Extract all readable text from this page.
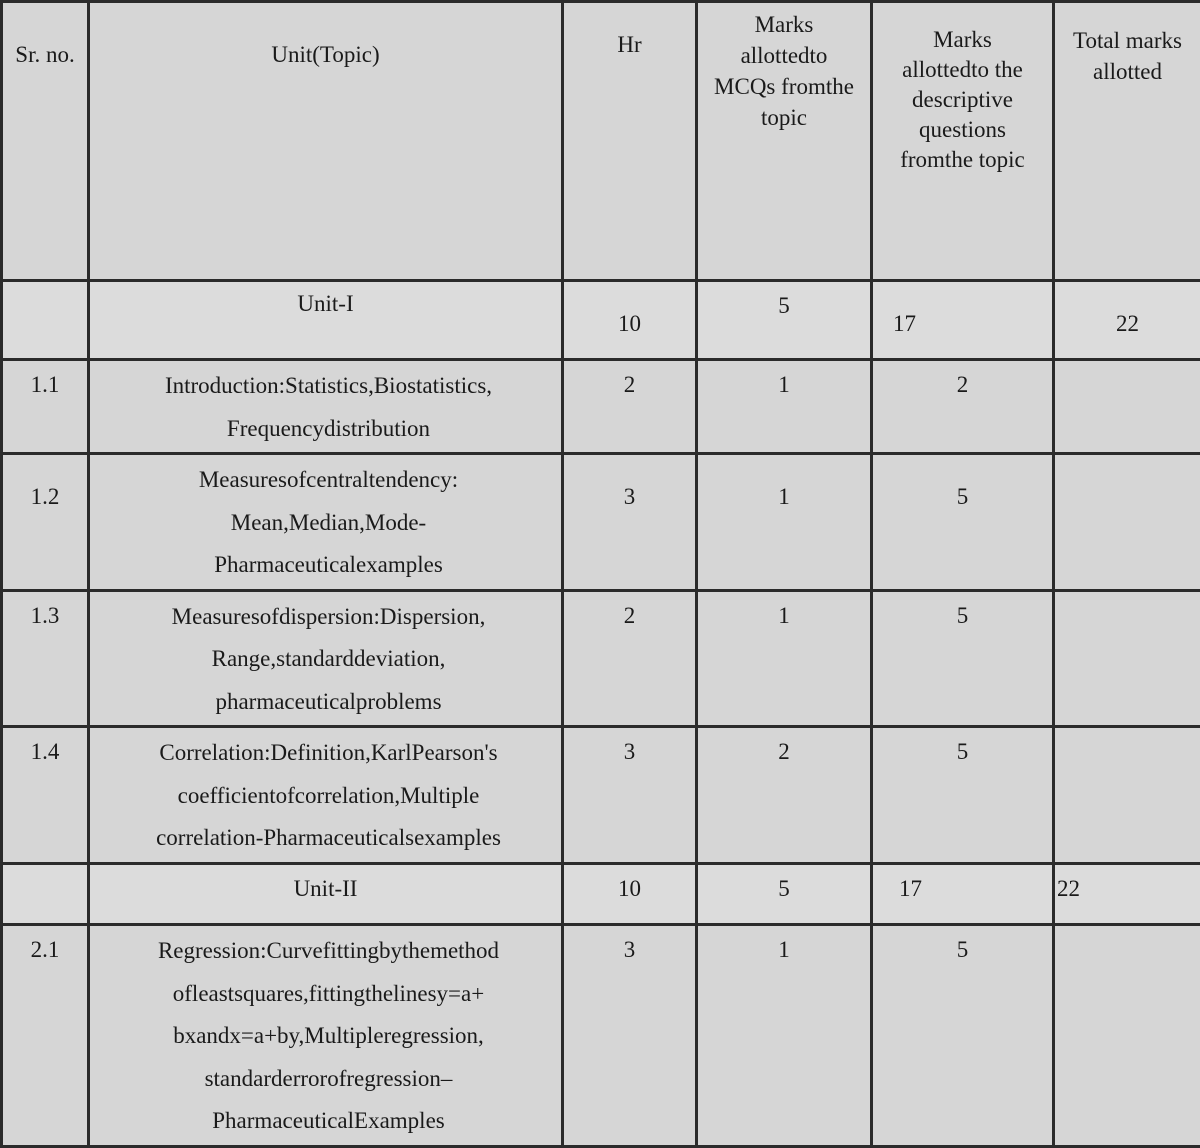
Sr. no.	Unit(Topic)	Hr	Marks allottedto MCQs fromthe topic	Marks allottedto the descriptive questions fromthe topic	Total marks allotted
	Unit-I	10	5	17	22
1.1	Introduction:Statistics,Biostatistics,
Frequencydistribution	2	1	2	
1.2	Measuresofcentraltendency:
Mean,Median,Mode-
Pharmaceuticalexamples	3	1	5	
1.3	Measuresofdispersion:Dispersion,
Range,standarddeviation,
pharmaceuticalproblems	2	1	5	
1.4	Correlation:Definition,KarlPearson's
coefficientofcorrelation,Multiple
correlation-Pharmaceuticalsexamples	3	2	5	
	Unit-II	10	5	17	22
2.1	Regression:Curvefittingbythemethod
ofleastsquares,fittingthelinesy=a+
bxandx=a+by,Multipleregression,
standarderrorofregression–
PharmaceuticalExamples	3	1	5	
